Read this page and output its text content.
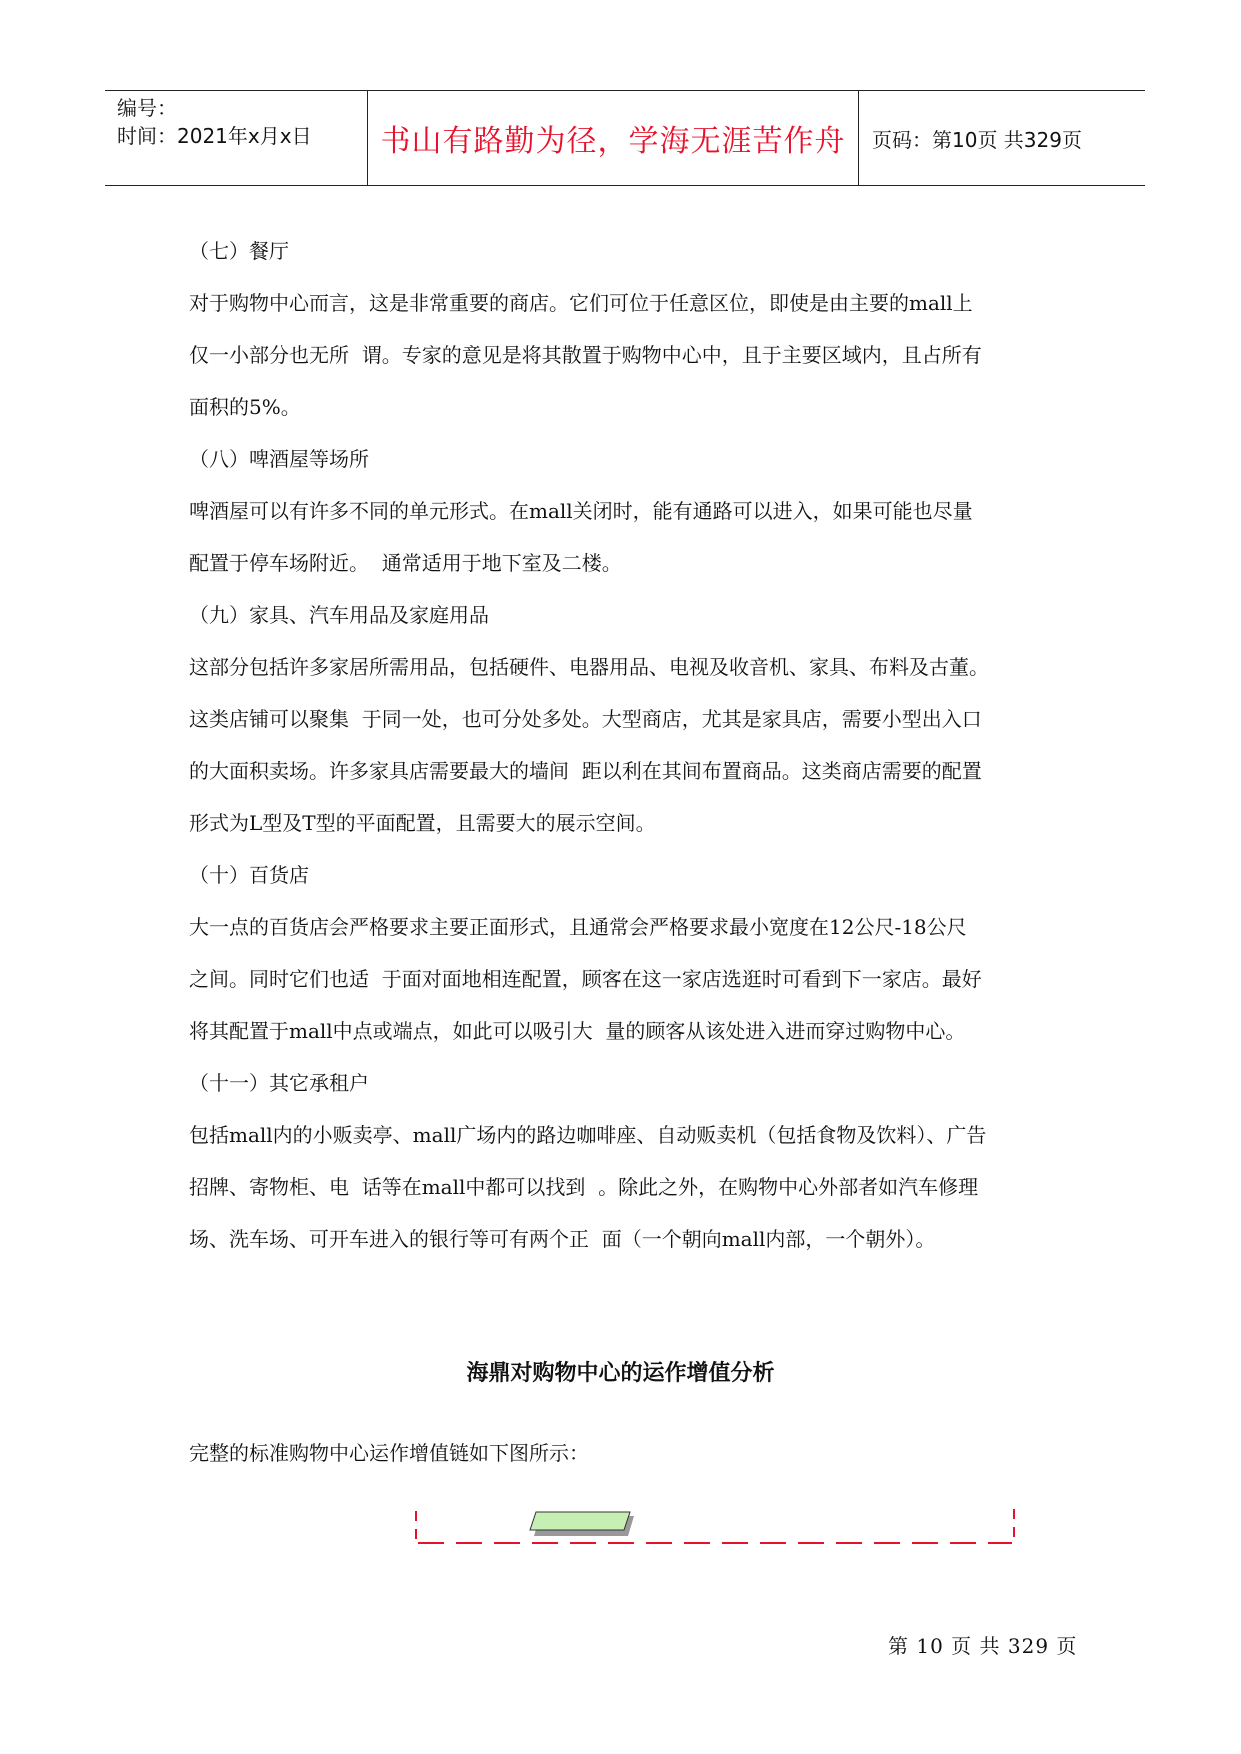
编号：
时间：2021年x月x日	书山有路勤为径，学海无涯苦作舟	页码：第10页 共329页

（七）餐厅

对于购物中心而言，这是非常重要的商店。它们可位于任意区位，即使是由主要的mall上

仅一小部分也无所  谓。专家的意见是将其散置于购物中心中，且于主要区域内，且占所有

面积的5%。

（八）啤酒屋等场所

啤酒屋可以有许多不同的单元形式。在mall关闭时，能有通路可以进入，如果可能也尽量

配置于停车场附近。  通常适用于地下室及二楼。

（九）家具、汽车用品及家庭用品

这部分包括许多家居所需用品，包括硬件、电器用品、电视及收音机、家具、布料及古董。

这类店铺可以聚集  于同一处，也可分处多处。大型商店，尤其是家具店，需要小型出入口

的大面积卖场。许多家具店需要最大的墙间  距以利在其间布置商品。这类商店需要的配置

形式为L型及T型的平面配置，且需要大的展示空间。

（十）百货店

大一点的百货店会严格要求主要正面形式，且通常会严格要求最小宽度在12公尺-18公尺

之间。同时它们也适  于面对面地相连配置，顾客在这一家店选逛时可看到下一家店。最好

将其配置于mall中点或端点，如此可以吸引大  量的顾客从该处进入进而穿过购物中心。

（十一）其它承租户

包括mall内的小贩卖亭、mall广场内的路边咖啡座、自动贩卖机（包括食物及饮料）、广告

招牌、寄物柜、电  话等在mall中都可以找到  。除此之外，在购物中心外部者如汽车修理

场、洗车场、可开车进入的银行等可有两个正  面（一个朝向mall内部，一个朝外）。

海鼎对购物中心的运作增值分析
完整的标准购物中心运作增值链如下图所示：
第 10 页 共 329 页
